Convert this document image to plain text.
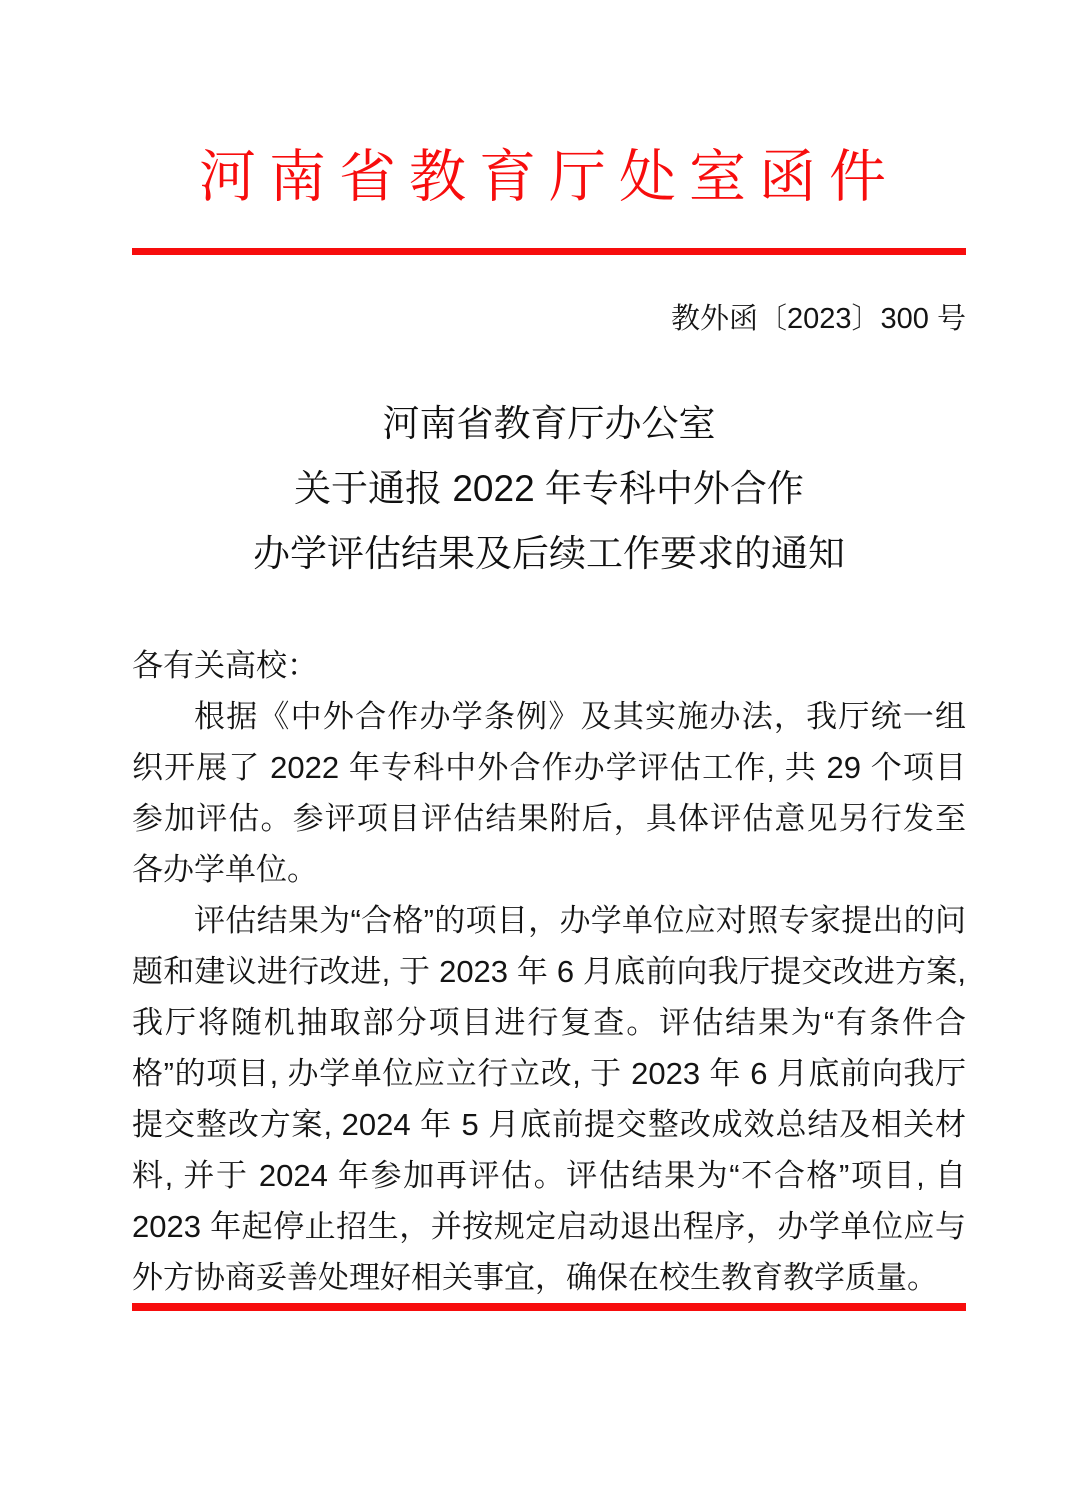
河南省教育厅处室函件
教外函〔2023〕300 号
河南省教育厅办公室
关于通报 2022 年专科中外合作
办学评估结果及后续工作要求的通知

各有关高校：

根据《中外合作办学条例》及其实施办法，我厅统一组织开展了 2022 年专科中外合作办学评估工作, 共 29 个项目参加评估。参评项目评估结果附后，具体评估意见另行发至各办学单位。

评估结果为“合格”的项目，办学单位应对照专家提出的问题和建议进行改进, 于 2023 年 6 月底前向我厅提交改进方案, 我厅将随机抽取部分项目进行复查。评估结果为“有条件合格”的项目, 办学单位应立行立改, 于 2023 年 6 月底前向我厅提交整改方案, 2024 年 5 月底前提交整改成效总结及相关材料, 并于 2024 年参加再评估。评估结果为“不合格”项目, 自 2023 年起停止招生，并按规定启动退出程序，办学单位应与外方协商妥善处理好相关事宜，确保在校生教育教学质量。
